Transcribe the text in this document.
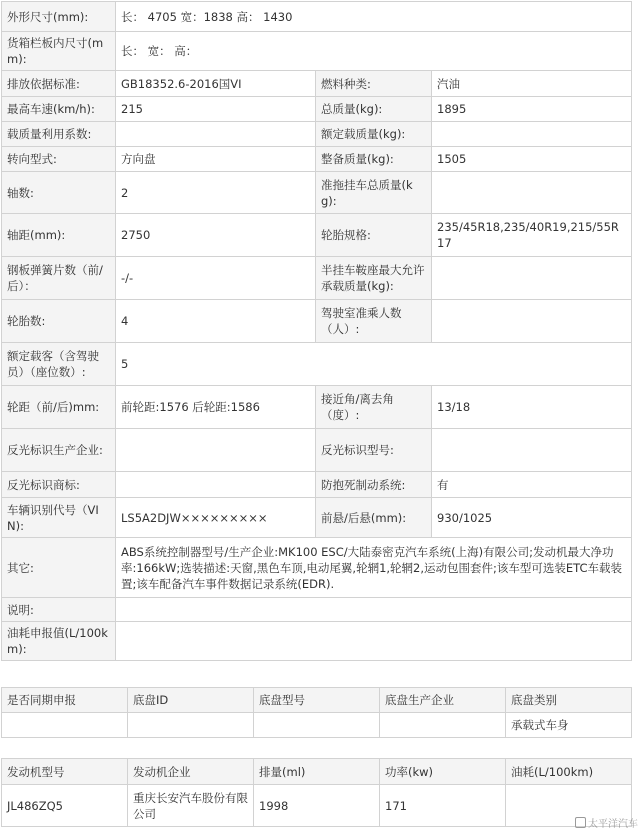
外形尺寸(mm):	长： 4705 宽：1838 高： 1430		
货箱栏板内尺寸(mm):	长： 宽： 高：		
排放依据标准:	GB18352.6-2016国VI	燃料种类:	汽油
最高车速(km/h):	215	总质量(kg):	1895
载质量利用系数:		额定载质量(kg):	
转向型式:	方向盘	整备质量(kg):	1505
轴数:	2	准拖挂车总质量(kg):	
轴距(mm):	2750	轮胎规格:	235/45R18,235/40R19,215/55R17
钢板弹簧片数（前/后）：	-/-	半挂车鞍座最大允许承载质量(kg):	
轮胎数:	4	驾驶室准乘人数（人）:	
额定载客（含驾驶员）（座位数）:	5		
轮距（前/后)mm:	前轮距:1576 后轮距:1586	接近角/离去角（度）:	13/18
反光标识生产企业:		反光标识型号:	
反光标识商标:		防抱死制动系统:	有
车辆识别代号（VIN):	LS5A2DJW×××××××××	前悬/后悬(mm):	930/1025
其它:	ABS系统控制器型号/生产企业:MK100 ESC/大陆泰密克汽车系统(上海)有限公司;发动机最大净功率:166kW;选装描述:天窗,黑色车顶,电动尾翼,轮辋1,轮辋2,运动包围套件;该车型可选装ETC车载装置;该车配备汽车事件数据记录系统(EDR).		
说明:			
油耗申报值(L/100km):			
是否同期申报	底盘ID	底盘型号	底盘生产企业	底盘类别
				承载式车身
发动机型号	发动机企业	排量(ml)	功率(kw)	油耗(L/100km)
JL486ZQ5	重庆长安汽车股份有限公司	1998	171	
太平洋汽车
